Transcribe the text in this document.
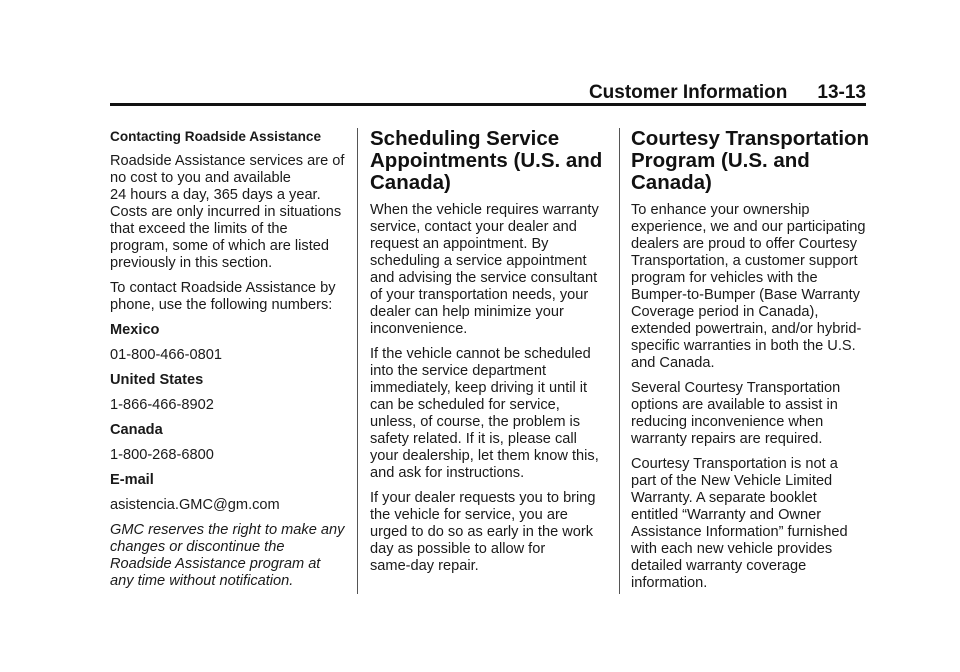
Customer Information 13-13

Contacting Roadside Assistance

Roadside Assistance services are of
no cost to you and available
24 hours a day, 365 days a year.
Costs are only incurred in situations
that exceed the limits of the
program, some of which are listed
previously in this section.

To contact Roadside Assistance by
phone, use the following numbers:

Mexico

01-800-466-0801

United States

1-866-466-8902

Canada

1-800-268-6800

E-mail

asistencia.GMC@gm.com

GMC reserves the right to make any
changes or discontinue the
Roadside Assistance program at
any time without notification.

Scheduling Service
Appointments (U.S. and
Canada)

When the vehicle requires warranty
service, contact your dealer and
request an appointment. By
scheduling a service appointment
and advising the service consultant
of your transportation needs, your
dealer can help minimize your
inconvenience.

If the vehicle cannot be scheduled
into the service department
immediately, keep driving it until it
can be scheduled for service,
unless, of course, the problem is
safety related. If it is, please call
your dealership, let them know this,
and ask for instructions.

If your dealer requests you to bring
the vehicle for service, you are
urged to do so as early in the work
day as possible to allow for
same-day repair.

Courtesy Transportation
Program (U.S. and
Canada)

To enhance your ownership
experience, we and our participating
dealers are proud to offer Courtesy
Transportation, a customer support
program for vehicles with the
Bumper-to-Bumper (Base Warranty
Coverage period in Canada),
extended powertrain, and/or hybrid-
specific warranties in both the U.S.
and Canada.

Several Courtesy Transportation
options are available to assist in
reducing inconvenience when
warranty repairs are required.

Courtesy Transportation is not a
part of the New Vehicle Limited
Warranty. A separate booklet
entitled “Warranty and Owner
Assistance Information” furnished
with each new vehicle provides
detailed warranty coverage
information.
